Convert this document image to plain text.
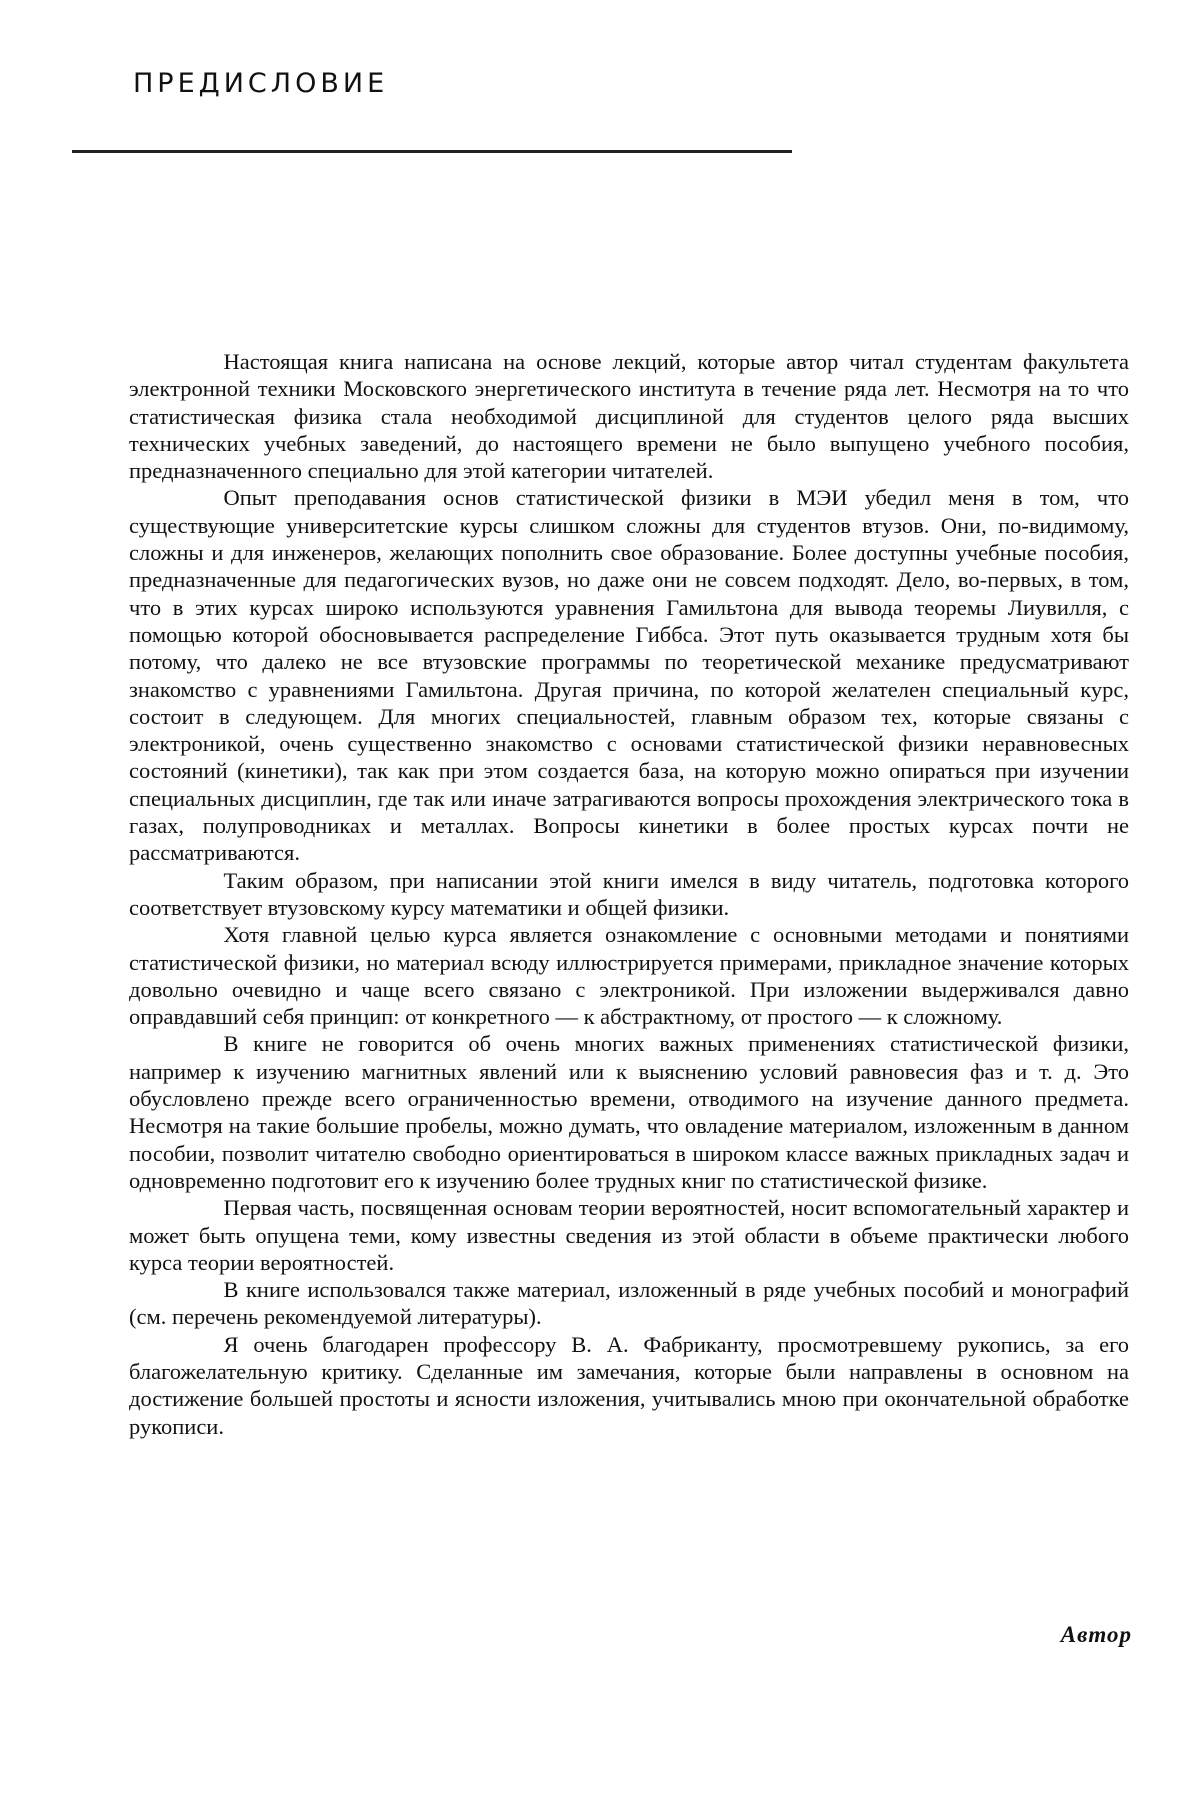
ПРЕДИСЛОВИЕ

Настоящая книга написана на основе лекций, которые автор читал студентам факультета электронной техники Московского энергетического института в течение ряда лет. Несмотря на то что статистическая физика стала необходимой дисциплиной для студентов целого ряда высших технических учебных заведений, до настоящего времени не было выпущено учебного пособия, предназначенного специально для этой категории читателей.

Опыт преподавания основ статистической физики в МЭИ убедил меня в том, что существующие университетские курсы слишком сложны для студентов втузов. Они, по-видимому, сложны и для инженеров, желающих пополнить свое образование. Более доступны учебные пособия, предназначенные для педагогических вузов, но даже они не совсем подходят. Дело, во-первых, в том, что в этих курсах широко используются уравнения Гамильтона для вывода теоремы Лиувилля, с помощью которой обосновывается распределение Гиббса. Этот путь оказывается трудным хотя бы потому, что далеко не все втузовские программы по теоретической механике предусматривают знакомство с уравнениями Гамильтона. Другая причина, по которой желателен специальный курс, состоит в следующем. Для многих специальностей, главным образом тех, которые связаны с электроникой, очень существенно знакомство с основами статистической физики неравновесных состояний (кинетики), так как при этом создается база, на которую можно опираться при изучении специальных дисциплин, где так или иначе затрагиваются вопросы прохождения электрического тока в газах, полупроводниках и металлах. Вопросы кинетики в более простых курсах почти не рассматриваются.

Таким образом, при написании этой книги имелся в виду читатель, подготовка которого соответствует втузовскому курсу математики и общей физики.

Хотя главной целью курса является ознакомление с основными методами и понятиями статистической физики, но материал всюду иллюстрируется примерами, прикладное значение которых довольно очевидно и чаще всего связано с электроникой. При изложении выдерживался давно оправдавший себя принцип: от конкретного — к абстрактному, от простого — к сложному.

В книге не говорится об очень многих важных применениях статистической физики, например к изучению магнитных явлений или к выяснению условий равновесия фаз и т. д. Это обусловлено прежде всего ограниченностью времени, отводимого на изучение данного предмета. Несмотря на такие большие пробелы, можно думать, что овладение материалом, изложенным в данном пособии, позволит читателю свободно ориентироваться в широком классе важных прикладных задач и одновременно подготовит его к изучению более трудных книг по статистической физике.

Первая часть, посвященная основам теории вероятностей, носит вспомогательный характер и может быть опущена теми, кому известны сведения из этой области в объеме практически любого курса теории вероятностей.

В книге использовался также материал, изложенный в ряде учебных пособий и монографий (см. перечень рекомендуемой литературы).

Я очень благодарен профессору В. А. Фабриканту, просмотревшему рукопись, за его благожелательную критику. Сделанные им замечания, которые были направлены в основном на достижение большей простоты и ясности изложения, учитывались мною при окончательной обработке рукописи.

Автор
